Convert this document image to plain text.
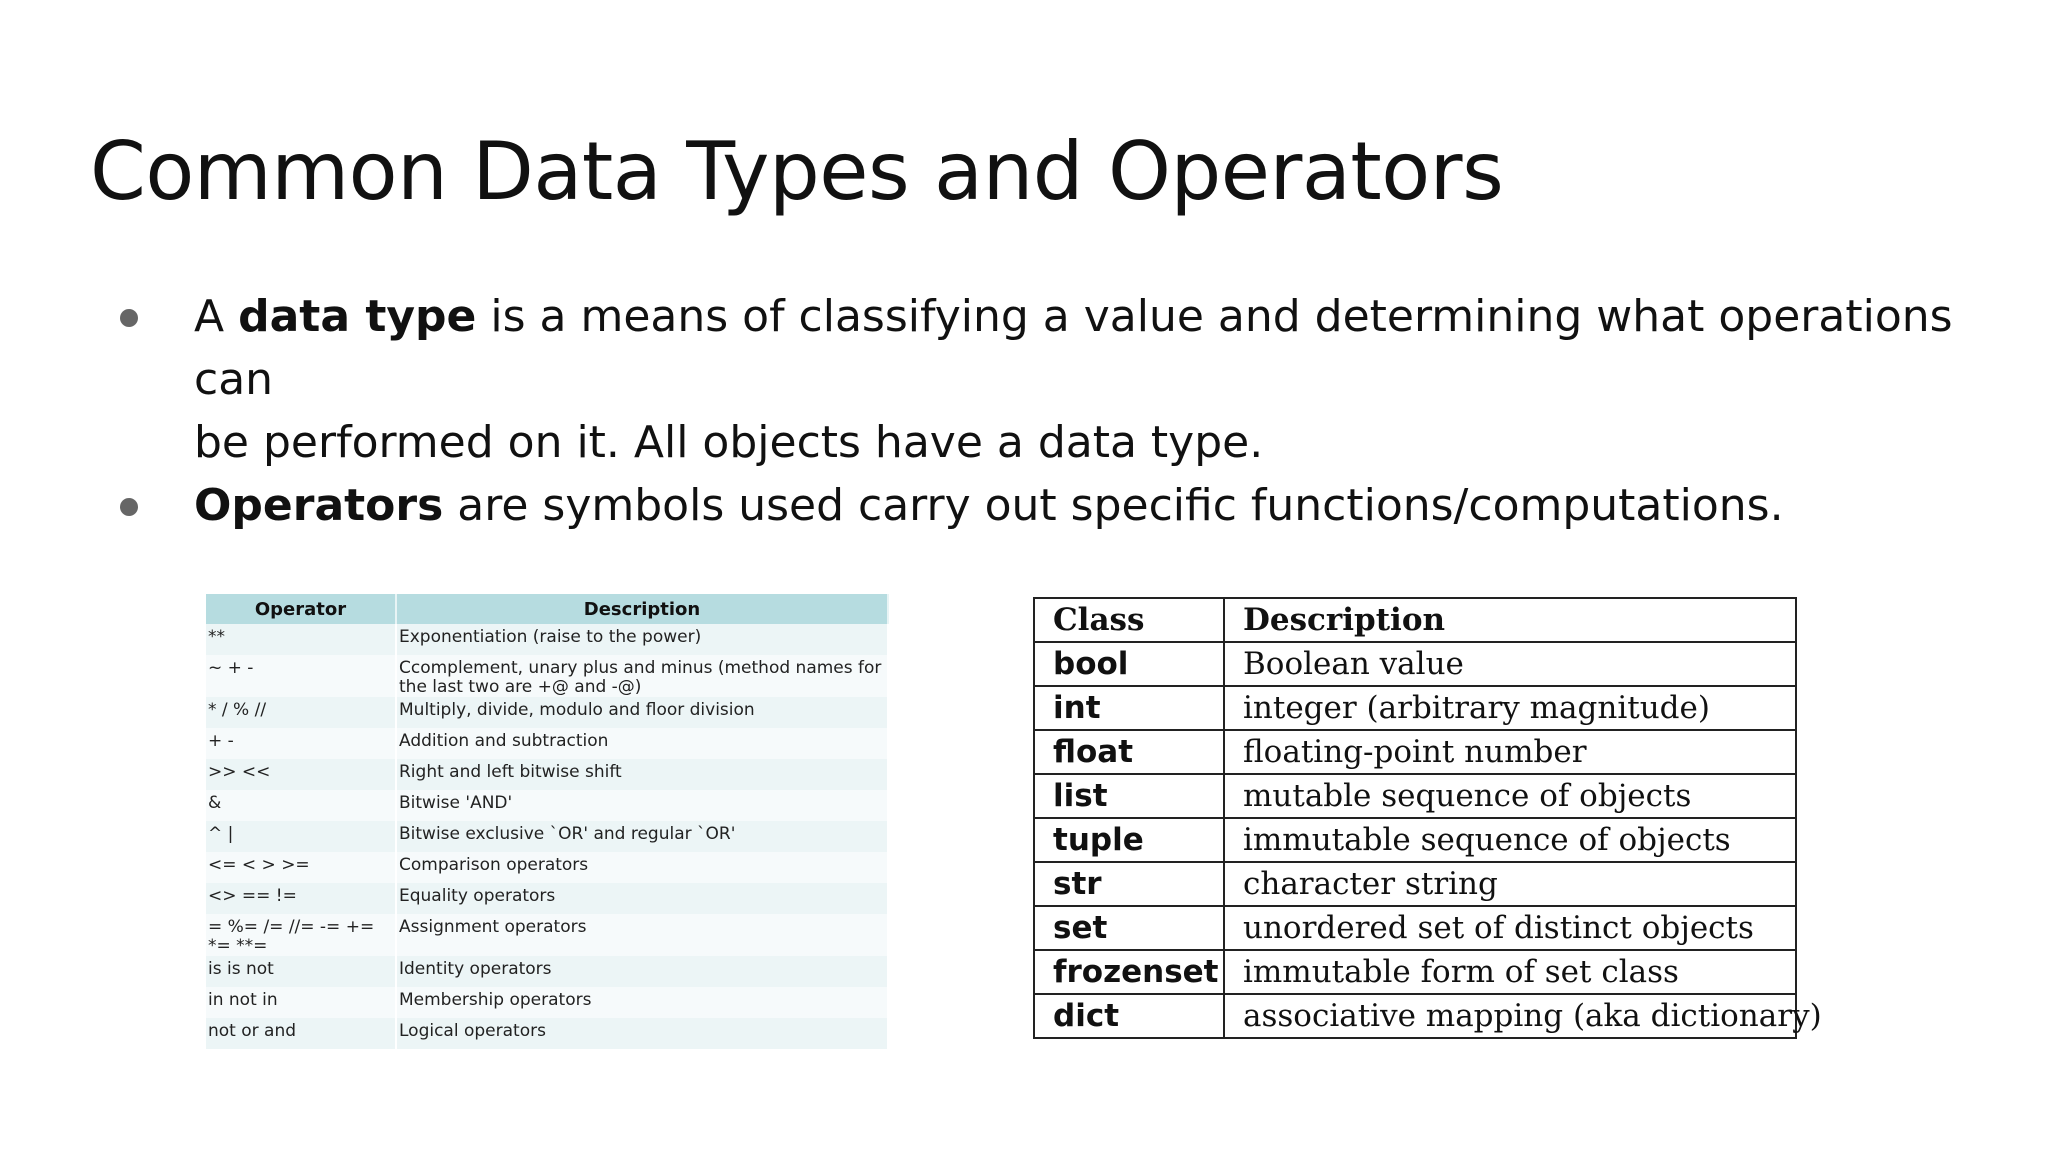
Common Data Types and Operators
A data type is a means of classifying a value and determining what operations can
be performed on it. All objects have a data type.
Operators are symbols used carry out specific functions/computations.
Operator	Description
**	Exponentiation (raise to the power)
~ + -	Ccomplement, unary plus and minus (method names for the last two are +@ and -@)
* / % //	Multiply, divide, modulo and floor division
+ -	Addition and subtraction
>> <<	Right and left bitwise shift
&	Bitwise 'AND'
^ |	Bitwise exclusive `OR' and regular `OR'
<= < > >=	Comparison operators
<> == !=	Equality operators
= %= /= //= -= += *= **=	Assignment operators
is is not	Identity operators
in not in	Membership operators
not or and	Logical operators
Class	Description
bool	Boolean value
int	integer (arbitrary magnitude)
float	floating-point number
list	mutable sequence of objects
tuple	immutable sequence of objects
str	character string
set	unordered set of distinct objects
frozenset	immutable form of set class
dict	associative mapping (aka dictionary)
